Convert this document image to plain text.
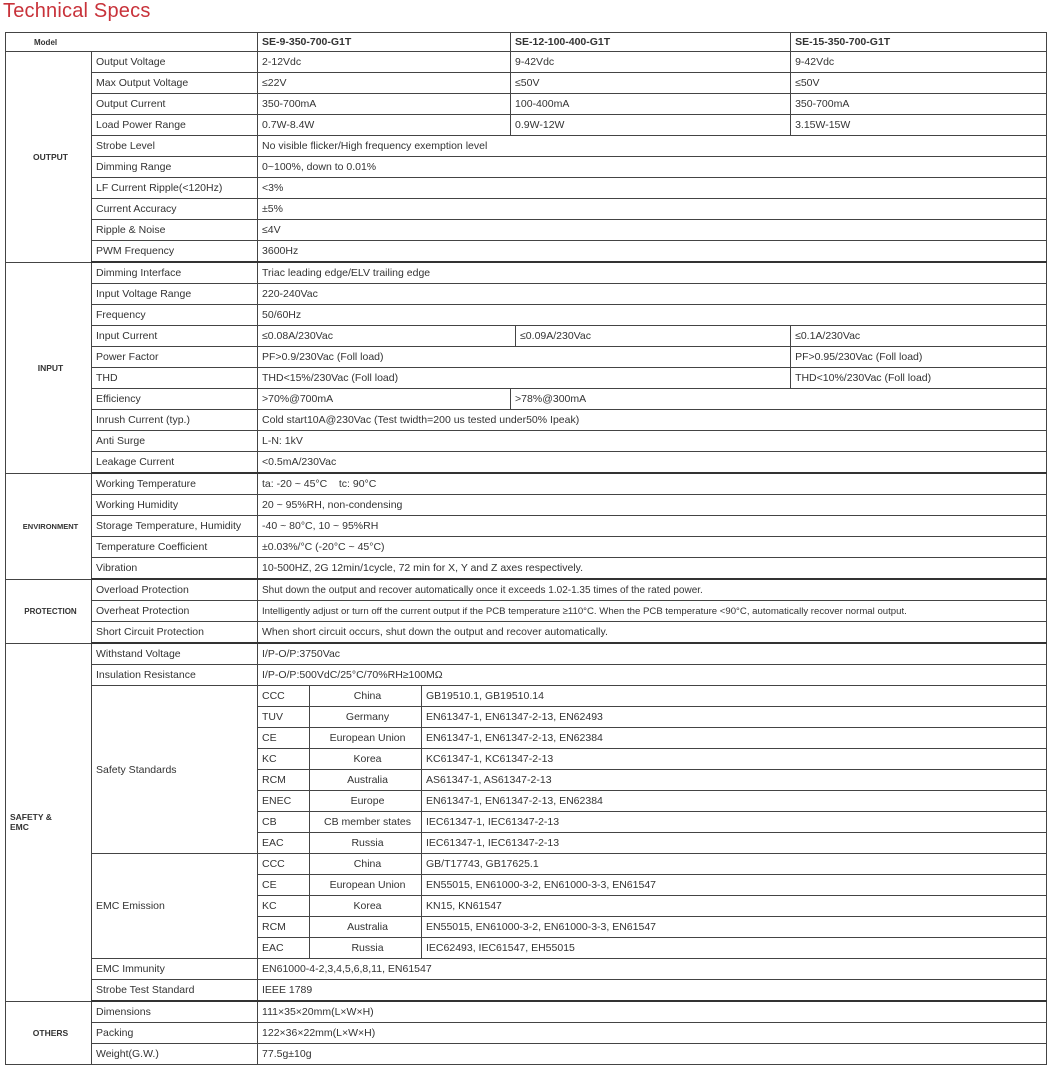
Technical Specs
Model		SE-9-350-700-G1T			SE-12-100-400-G1T		SE-15-350-700-G1T	
OUTPUT	Output Voltage	2-12Vdc			9-42Vdc		9-42Vdc	
	Max Output Voltage	≤22V			≤50V		≤50V	
	Output Current	350-700mA			100-400mA		350-700mA	
	Load Power Range	0.7W-8.4W			0.9W-12W		3.15W-15W	
	Strobe Level	No visible flicker/High frequency exemption level						
	Dimming Range	0~100%, down to 0.01%						
	LF Current Ripple(<120Hz)	<3%						
	Current Accuracy	±5%						
	Ripple & Noise	≤4V						
	PWM Frequency	3600Hz						
INPUT	Dimming Interface	Triac leading edge/ELV trailing edge						
	Input Voltage Range	220-240Vac						
	Frequency	50/60Hz						
	Input Current	≤0.08A/230Vac				≤0.09A/230Vac	≤0.1A/230Vac	
	Power Factor	PF>0.9/230Vac (Foll load)					PF>0.95/230Vac (Foll load)	
	THD	THD<15%/230Vac (Foll load)					THD<10%/230Vac (Foll load)	
	Efficiency	>70%@700mA			>78%@300mA	
	Inrush Current (typ.)	Cold start10A@230Vac (Test twidth=200 us tested under50% Ipeak)						
	Anti Surge	L-N: 1kV						
	Leakage Current	<0.5mA/230Vac						
ENVIRONMENT	Working Temperature	ta: -20 ~ 45°C    tc: 90°C						
	Working Humidity	20 ~ 95%RH, non-condensing						
	Storage Temperature, Humidity	-40 ~ 80°C, 10 ~ 95%RH						
	Temperature Coefficient	±0.03%/°C (-20°C ~ 45°C)						
	Vibration	10-500HZ, 2G 12min/1cycle, 72 min for X, Y and Z axes respectively.						
PROTECTION	Overload Protection	Shut down the output and recover automatically once it exceeds 1.02-1.35 times of the rated power.						
	Overheat Protection	Intelligently adjust or turn off the current output if the PCB temperature ≥110°C. When the PCB temperature <90°C, automatically recover normal output.						
	Short Circuit Protection	When short circuit occurs, shut down the output and recover automatically.						
SAFETY &
EMC	Withstand Voltage	I/P-O/P:3750Vac						
	Insulation Resistance	I/P-O/P:500VdC/25°C/70%RH≥100MΩ						
	Safety Standards	CCC	China	GB19510.1, GB19510.14				
		TUV	Germany	EN61347-1, EN61347-2-13, EN62493				
		CE	European Union	EN61347-1, EN61347-2-13, EN62384				
		KC	Korea	KC61347-1, KC61347-2-13				
		RCM	Australia	AS61347-1, AS61347-2-13				
		ENEC	Europe	EN61347-1, EN61347-2-13, EN62384				
		CB	CB member states	IEC61347-1, IEC61347-2-13				
		EAC	Russia	IEC61347-1, IEC61347-2-13				
	EMC Emission	CCC	China	GB/T17743, GB17625.1				
		CE	European Union	EN55015, EN61000-3-2, EN61000-3-3, EN61547				
		KC	Korea	KN15, KN61547				
		RCM	Australia	EN55015, EN61000-3-2, EN61000-3-3, EN61547				
		EAC	Russia	IEC62493, IEC61547, EH55015				
	EMC Immunity	EN61000-4-2,3,4,5,6,8,11, EN61547						
	Strobe Test Standard	IEEE 1789						
OTHERS	Dimensions	111×35×20mm(L×W×H)						
	Packing	122×36×22mm(L×W×H)						
	Weight(G.W.)	77.5g±10g						
